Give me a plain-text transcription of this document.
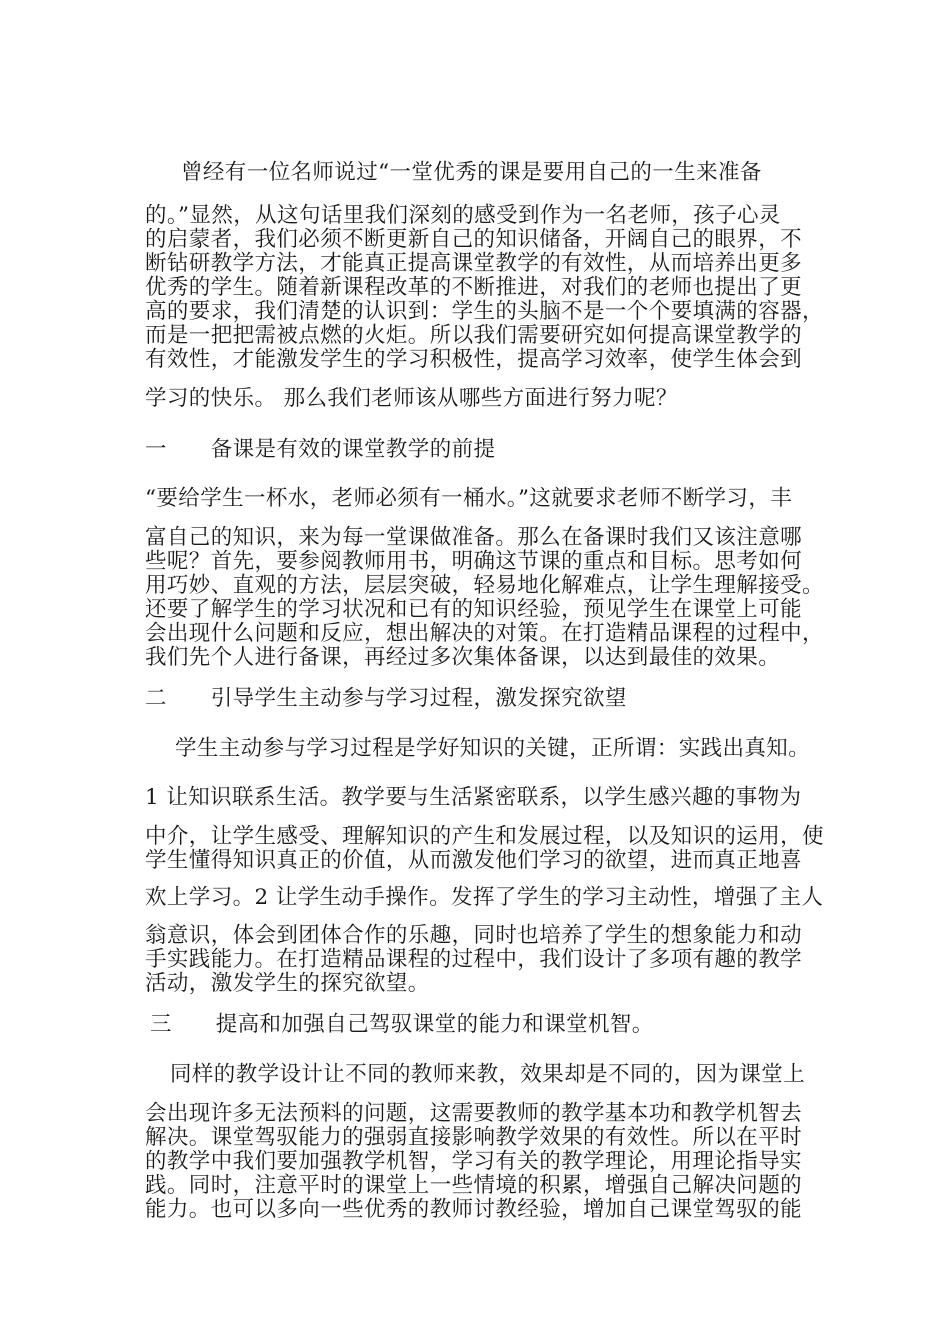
曾经有一位名师说过“一堂优秀的课是要用自己的一生来准备
的。”显然，从这句话里我们深刻的感受到作为一名老师，孩子心灵
的启蒙者，我们必须不断更新自己的知识储备，开阔自己的眼界，不
断钻研教学方法，才能真正提高课堂教学的有效性，从而培养出更多
优秀的学生。随着新课程改革的不断推进，对我们的老师也提出了更
高的要求，我们清楚的认识到：学生的头脑不是一个个要填满的容器，
而是一把把需被点燃的火炬。所以我们需要研究如何提高课堂教学的
有效性，才能激发学生的学习积极性，提高学习效率，使学生体会到
学习的快乐。 那么我们老师该从哪些方面进行努力呢？
一　　备课是有效的课堂教学的前提
“要给学生一杯水，老师必须有一桶水。”这就要求老师不断学习，丰
富自己的知识，来为每一堂课做准备。那么在备课时我们又该注意哪
些呢？首先，要参阅教师用书，明确这节课的重点和目标。思考如何
用巧妙、直观的方法，层层突破，轻易地化解难点，让学生理解接受。
还要了解学生的学习状况和已有的知识经验，预见学生在课堂上可能
会出现什么问题和反应，想出解决的对策。在打造精品课程的过程中，
我们先个人进行备课，再经过多次集体备课，以达到最佳的效果。
二　　引导学生主动参与学习过程，激发探究欲望
学生主动参与学习过程是学好知识的关键，正所谓：实践出真知。
1 让知识联系生活。教学要与生活紧密联系，以学生感兴趣的事物为
中介，让学生感受、理解知识的产生和发展过程，以及知识的运用，使
学生懂得知识真正的价值，从而激发他们学习的欲望，进而真正地喜
欢上学习。2 让学生动手操作。发挥了学生的学习主动性，增强了主人
翁意识，体会到团体合作的乐趣，同时也培养了学生的想象能力和动
手实践能力。在打造精品课程的过程中，我们设计了多项有趣的教学
活动，激发学生的探究欲望。
三　　提高和加强自己驾驭课堂的能力和课堂机智。
同样的教学设计让不同的教师来教，效果却是不同的，因为课堂上
会出现许多无法预料的问题，这需要教师的教学基本功和教学机智去
解决。课堂驾驭能力的强弱直接影响教学效果的有效性。所以在平时
的教学中我们要加强教学机智，学习有关的教学理论，用理论指导实
践。同时，注意平时的课堂上一些情境的积累，增强自己解决问题的
能力。也可以多向一些优秀的教师讨教经验，增加自己课堂驾驭的能
